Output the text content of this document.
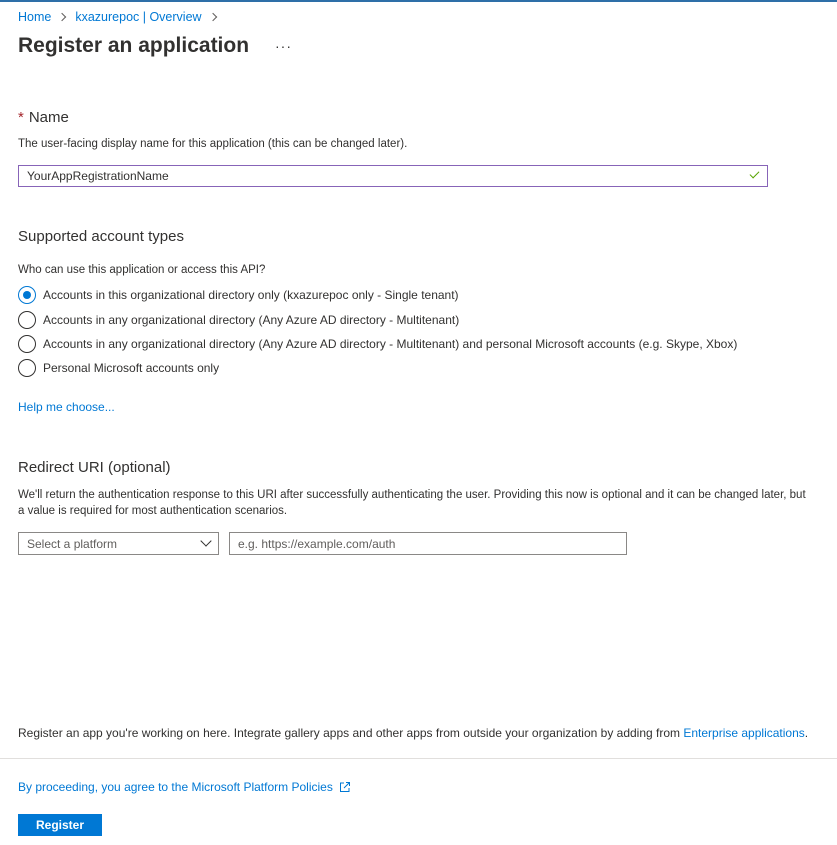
Home kxazurepoc | Overview
Register an application ···
* Name
The user-facing display name for this application (this can be changed later).
YourAppRegistrationName
Supported account types
Who can use this application or access this API?
Accounts in this organizational directory only (kxazurepoc only - Single tenant)
Accounts in any organizational directory (Any Azure AD directory - Multitenant)
Accounts in any organizational directory (Any Azure AD directory - Multitenant) and personal Microsoft accounts (e.g. Skype, Xbox)
Personal Microsoft accounts only
Help me choose...
Redirect URI (optional)
We'll return the authentication response to this URI after successfully authenticating the user. Providing this now is optional and it can be changed later, but a value is required for most authentication scenarios.
Select a platform
e.g. https://example.com/auth
Register an app you're working on here. Integrate gallery apps and other apps from outside your organization by adding from Enterprise applications.
By proceeding, you agree to the Microsoft Platform Policies
Register
